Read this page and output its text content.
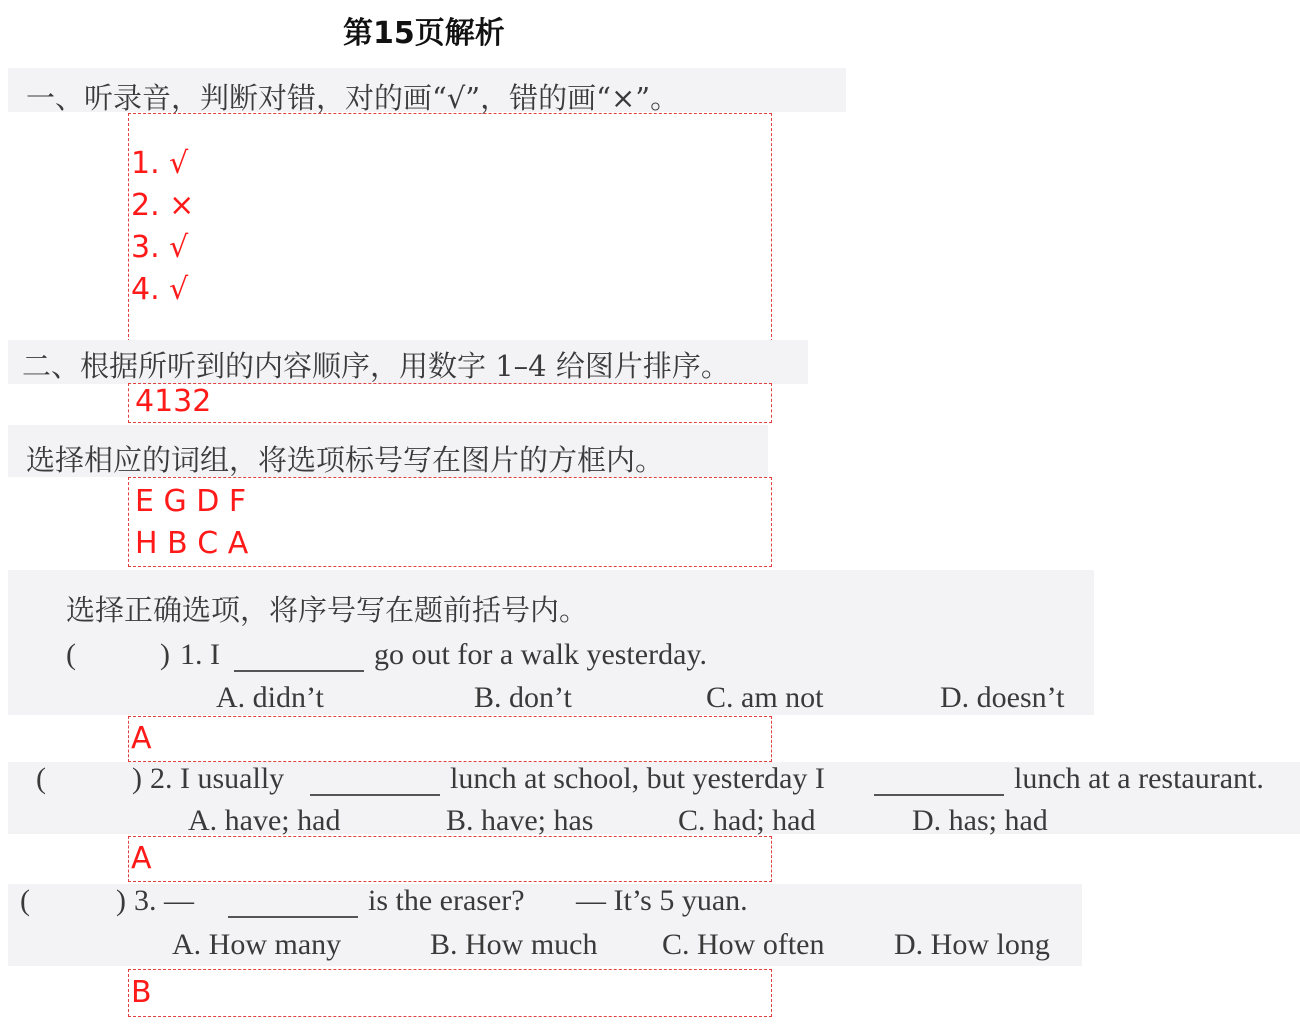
第15页解析
一、听录音，判断对错，对的画“√”，错的画“×”。
1. √
2. ×
3. √
4. √
二、根据所听到的内容顺序，用数字 1–4 给图片排序。
4132
选择相应的词组，将选项标号写在图片的方框内。
E G D F
H B C A
选择正确选项，将序号写在题前括号内。
(	) 1. I	go out for a walk yesterday.
A. didn’t	B. don’t	C. am not	D. doesn’t
A
(	) 2. I usually	lunch at school, but yesterday I	lunch at a restaurant.
A. have; had	B. have; has	C. had; had	D. has; had
A
(	) 3. —	is the eraser? — It’s 5 yuan.
A. How many	B. How much C. How often D. How long
B
